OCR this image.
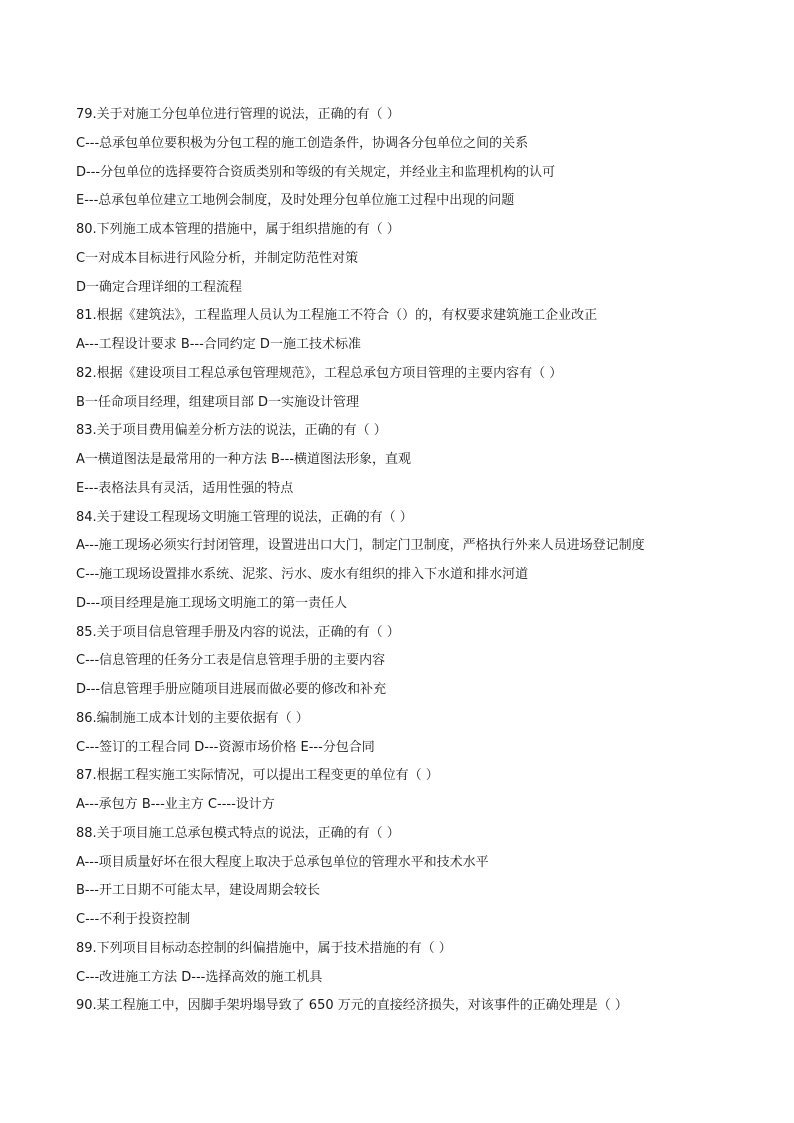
79.关于对施工分包单位进行管理的说法，正确的有（ ）
C---总承包单位要积极为分包工程的施工创造条件，协调各分包单位之间的关系
D---分包单位的选择要符合资质类别和等级的有关规定，并经业主和监理机构的认可
E---总承包单位建立工地例会制度，及时处理分包单位施工过程中出现的问题
80.下列施工成本管理的措施中，属于组织措施的有（ ）
C一对成本目标进行风险分析，并制定防范性对策
D一确定合理详细的工程流程
81.根据《建筑法》，工程监理人员认为工程施工不符合（）的，有权要求建筑施工企业改正
A---工程设计要求 B---合同约定 D一施工技术标准
82.根据《建设项目工程总承包管理规范》，工程总承包方项目管理的主要内容有（ ）
B一任命项目经理，组建项目部 D一实施设计管理
83.关于项目费用偏差分析方法的说法，正确的有（ ）
A一横道图法是最常用的一种方法 B---横道图法形象，直观
E---表格法具有灵活，适用性强的特点
84.关于建设工程现场文明施工管理的说法，正确的有（ ）
A---施工现场必须实行封闭管理，设置进出口大门，制定门卫制度，严格执行外来人员进场登记制度
C---施工现场设置排水系统、泥浆、污水、废水有组织的排入下水道和排水河道
D---项目经理是施工现场文明施工的第一责任人
85.关于项目信息管理手册及内容的说法，正确的有（ ）
C---信息管理的任务分工表是信息管理手册的主要内容
D---信息管理手册应随项目进展而做必要的修改和补充
86.编制施工成本计划的主要依据有（ ）
C---签订的工程合同 D---资源市场价格 E---分包合同
87.根据工程实施工实际情况，可以提出工程变更的单位有（ ）
A---承包方 B---业主方 C----设计方
88.关于项目施工总承包模式特点的说法，正确的有（ ）
A---项目质量好坏在很大程度上取决于总承包单位的管理水平和技术水平
B---开工日期不可能太早，建设周期会较长
C---不利于投资控制
89.下列项目目标动态控制的纠偏措施中，属于技术措施的有（ ）
C---改进施工方法 D---选择高效的施工机具
90.某工程施工中，因脚手架坍塌导致了 650 万元的直接经济损失，对该事件的正确处理是（ ）
